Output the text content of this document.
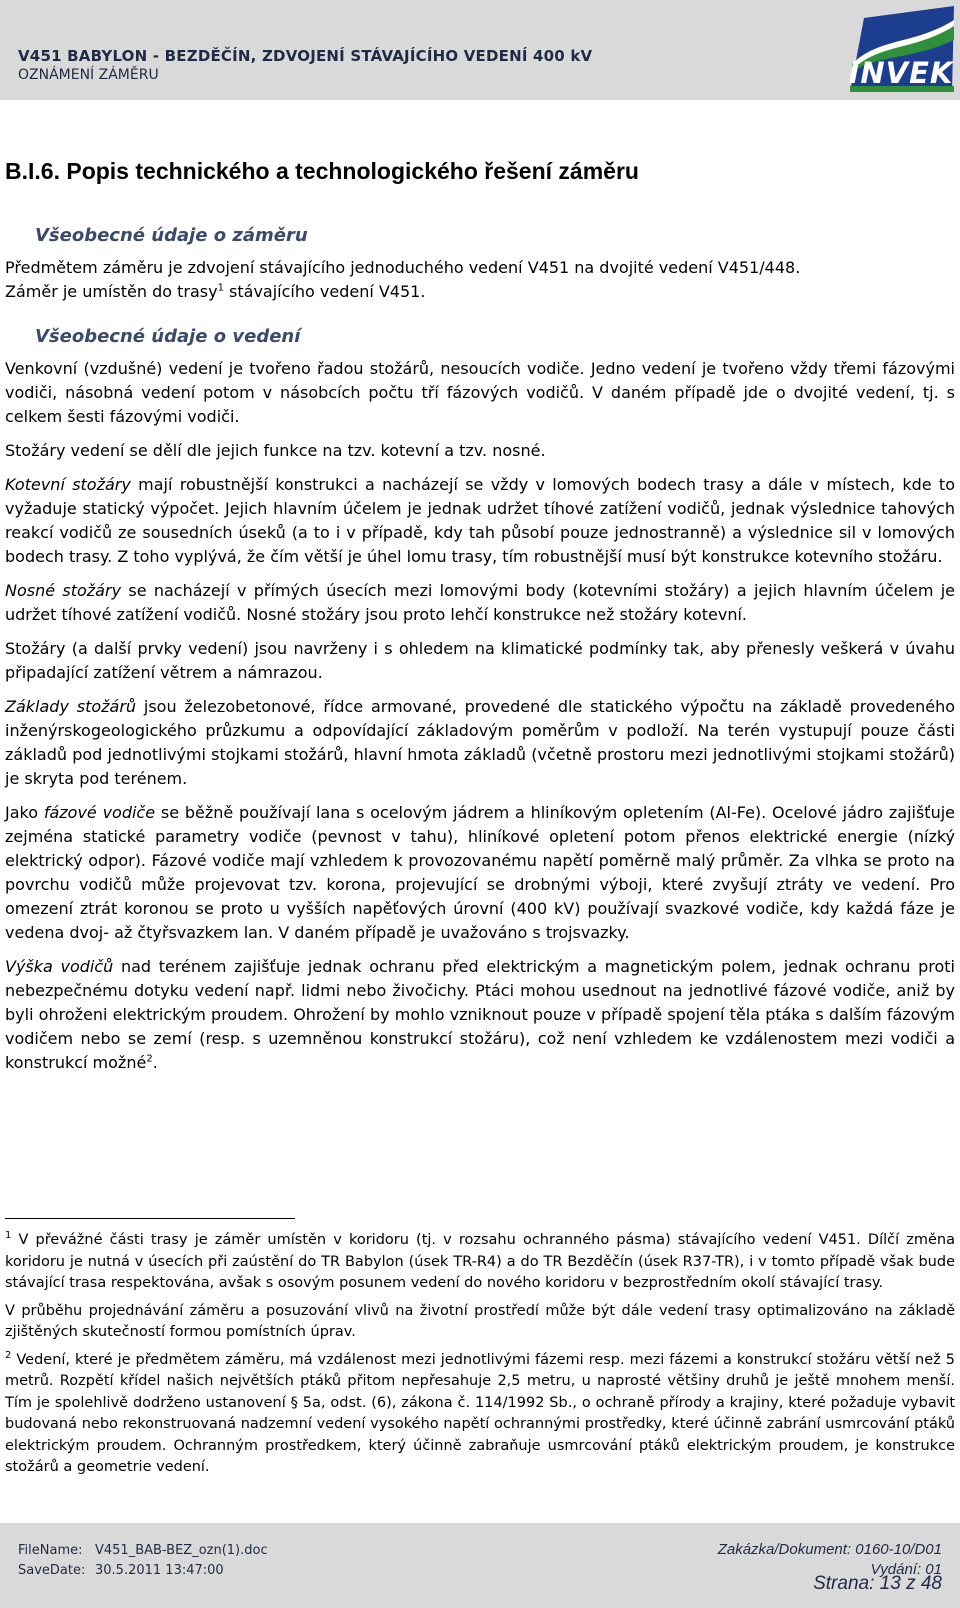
V451 BABYLON - BEZDĚČÍN, ZDVOJENÍ STÁVAJÍCÍHO VEDENÍ 400 kV
OZNÁMENÍ ZÁMĚRU	INVEK
B.I.6. Popis technického a technologického řešení záměru
Všeobecné údaje o záměru

Předmětem záměru je zdvojení stávajícího jednoduchého vedení V451 na dvojité vedení V451/448.

Záměr je umístěn do trasy$^1$ stávajícího vedení V451.

Všeobecné údaje o vedení

Venkovní (vzdušné) vedení je tvořeno řadou stožárů, nesoucích vodiče. Jedno vedení je tvořeno vždy třemi fázovými vodiči, násobná vedení potom v násobcích počtu tří fázových vodičů. V daném případě jde o dvojité vedení, tj. s celkem šesti fázovými vodiči.

Stožáry vedení se dělí dle jejich funkce na tzv. kotevní a tzv. nosné.

Kotevní stožáry mají robustnější konstrukci a nacházejí se vždy v lomových bodech trasy a dále v místech, kde to vyžaduje statický výpočet. Jejich hlavním účelem je jednak udržet tíhové zatížení vodičů, jednak výslednice tahových reakcí vodičů ze sousedních úseků (a to i v případě, kdy tah působí pouze jednostranně) a výslednice sil v lomových bodech trasy. Z toho vyplývá, že čím větší je úhel lomu trasy, tím robustnější musí být konstrukce kotevního stožáru.

Nosné stožáry se nacházejí v přímých úsecích mezi lomovými body (kotevními stožáry) a jejich hlavním účelem je udržet tíhové zatížení vodičů. Nosné stožáry jsou proto lehčí konstrukce než stožáry kotevní.

Stožáry (a další prvky vedení) jsou navrženy i s ohledem na klimatické podmínky tak, aby přenesly veškerá v úvahu připadající zatížení větrem a námrazou.

Základy stožárů jsou železobetonové, řídce armované, provedené dle statického výpočtu na základě provedeného inženýrskogeologického průzkumu a odpovídající základovým poměrům v podloží. Na terén vystupují pouze části základů pod jednotlivými stojkami stožárů, hlavní hmota základů (včetně prostoru mezi jednotlivými stojkami stožárů) je skryta pod terénem.

Jako fázové vodiče se běžně používají lana s ocelovým jádrem a hliníkovým opletením (Al-Fe). Ocelové jádro zajišťuje zejména statické parametry vodiče (pevnost v tahu), hliníkové opletení potom přenos elektrické energie (nízký elektrický odpor). Fázové vodiče mají vzhledem k provozovanému napětí poměrně malý průměr. Za vlhka se proto na povrchu vodičů může projevovat tzv. korona, projevující se drobnými výboji, které zvyšují ztráty ve vedení. Pro omezení ztrát koronou se proto u vyšších napěťových úrovní (400 kV) používají svazkové vodiče, kdy každá fáze je vedena dvoj- až čtyřsvazkem lan. V daném případě je uvažováno s trojsvazky.

Výška vodičů nad terénem zajišťuje jednak ochranu před elektrickým a magnetickým polem, jednak ochranu proti nebezpečnému dotyku vedení např. lidmi nebo živočichy. Ptáci mohou usednout na jednotlivé fázové vodiče, aniž by byli ohroženi elektrickým proudem. Ohrožení by mohlo vzniknout pouze v případě spojení těla ptáka s dalším fázovým vodičem nebo se zemí (resp. s uzemněnou konstrukcí stožáru), což není vzhledem ke vzdálenostem mezi vodiči a konstrukcí možné$^2$.

$^1$ V převážné části trasy je záměr umístěn v koridoru (tj. v rozsahu ochranného pásma) stávajícího vedení V451. Dílčí změna koridoru je nutná v úsecích při zaústění do TR Babylon (úsek TR-R4) a do TR Bezděčín (úsek R37-TR), i v tomto případě však bude stávající trasa respektována, avšak s osovým posunem vedení do nového koridoru v bezprostředním okolí stávající trasy.

V průběhu projednávání záměru a posuzování vlivů na životní prostředí může být dále vedení trasy optimalizováno na základě zjištěných skutečností formou pomístních úprav.

$^2$ Vedení, které je předmětem záměru, má vzdálenost mezi jednotlivými fázemi resp. mezi fázemi a konstrukcí stožáru větší než 5 metrů. Rozpětí křídel našich největších ptáků přitom nepřesahuje 2,5 metru, u naprosté většiny druhů je ještě mnohem menší. Tím je spolehlivě dodrženo ustanovení § 5a, odst. (6), zákona č. 114/1992 Sb., o ochraně přírody a krajiny, které požaduje vybavit budovaná nebo rekonstruovaná nadzemní vedení vysokého napětí ochrannými prostředky, které účinně zabrání usmrcování ptáků elektrickým proudem. Ochranným prostředkem, který účinně zabraňuje usmrcování ptáků elektrickým proudem, je konstrukce stožárů a geometrie vedení.

FileName: V451_BAB-BEZ_ozn(1).doc
SaveDate: 30.5.2011 13:47:00
Zakázka/Dokument: 0160-10/D01
Vydání: 01
Strana: 13 z 48
